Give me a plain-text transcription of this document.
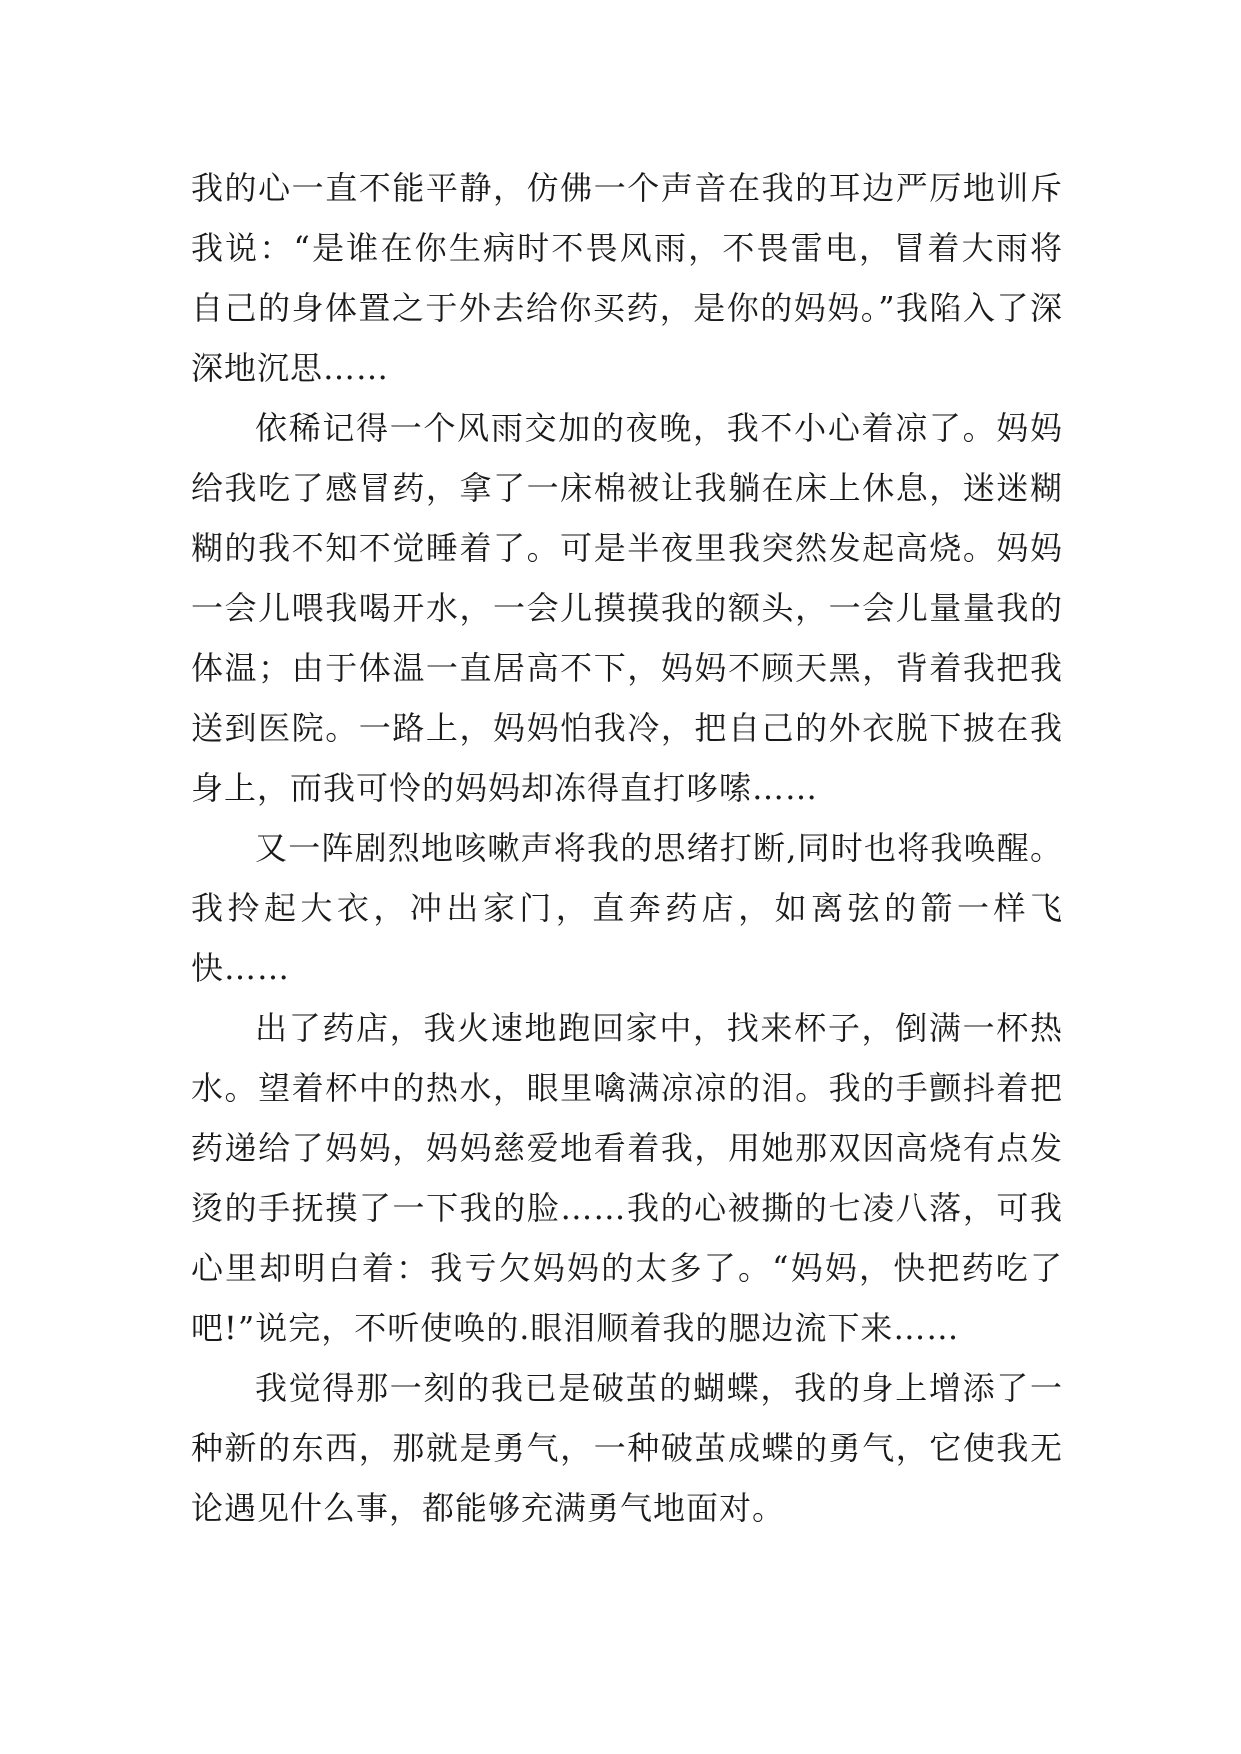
我的心一直不能平静，仿佛一个声音在我的耳边严厉地训斥我说：“是谁在你生病时不畏风雨，不畏雷电，冒着大雨将自己的身体置之于外去给你买药，是你的妈妈。”我陷入了深深地沉思……

依稀记得一个风雨交加的夜晚，我不小心着凉了。妈妈给我吃了感冒药，拿了一床棉被让我躺在床上休息，迷迷糊糊的我不知不觉睡着了。可是半夜里我突然发起高烧。妈妈一会儿喂我喝开水，一会儿摸摸我的额头，一会儿量量我的体温；由于体温一直居高不下，妈妈不顾天黑，背着我把我送到医院。一路上，妈妈怕我冷，把自己的外衣脱下披在我身上，而我可怜的妈妈却冻得直打哆嗦……

又一阵剧烈地咳嗽声将我的思绪打断,同时也将我唤醒。我拎起大衣，冲出家门，直奔药店，如离弦的箭一样飞快……

出了药店，我火速地跑回家中，找来杯子，倒满一杯热水。望着杯中的热水，眼里噙满凉凉的泪。我的手颤抖着把药递给了妈妈，妈妈慈爱地看着我，用她那双因高烧有点发烫的手抚摸了一下我的脸……我的心被撕的七凌八落，可我心里却明白着：我亏欠妈妈的太多了。“妈妈，快把药吃了吧!”说完，不听使唤的.眼泪顺着我的腮边流下来……

我觉得那一刻的我已是破茧的蝴蝶，我的身上增添了一种新的东西，那就是勇气，一种破茧成蝶的勇气，它使我无论遇见什么事，都能够充满勇气地面对。
